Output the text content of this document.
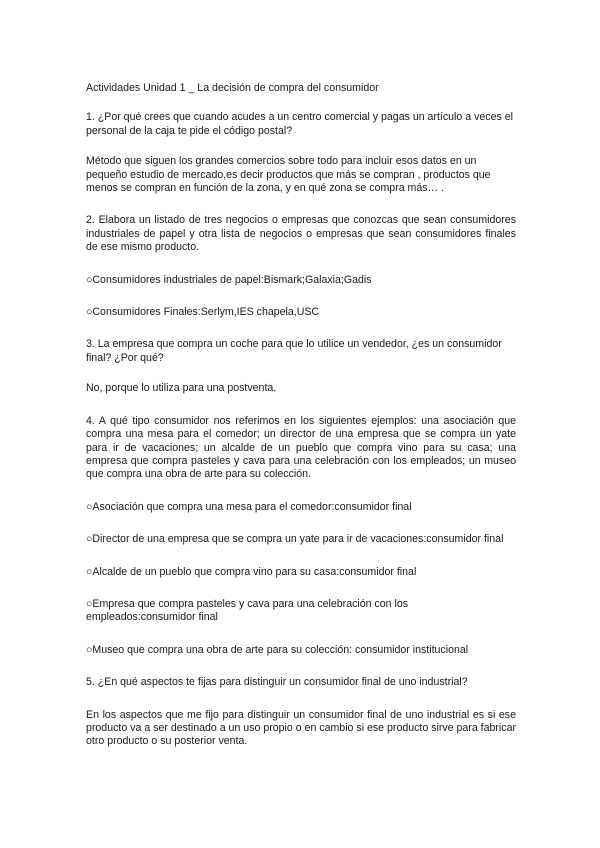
Actividades Unidad 1 _ La decisión de compra del consumidor

1. ¿Por qué crees que cuando acudes a un centro comercial y pagas un artículo a veces el personal de la caja te pide el código postal?

Método que siguen los grandes comercios sobre todo para incluir esos datos en un pequeño estudio de mercado,es decir productos que más se compran , productos que menos se compran en función de la zona, y en qué zona se compra más… .

2. Elabora un listado de tres negocios o empresas que conozcas que sean consumidores industriales de papel y otra lista de negocios o empresas que sean consumidores finales de ese mismo producto.

○Consumidores industriales de papel:Bismark;Galaxia;Gadis

○Consumidores Finales:Serlym,IES chapela,USC

3. La empresa que compra un coche para que lo utilice un vendedor, ¿es un consumidor final? ¿Por qué?

No, porque lo utiliza para una postventa.

4. A qué tipo consumidor nos referimos en los siguientes ejemplos: una asociación que compra una mesa para el comedor; un director de una empresa que se compra un yate para ir de vacaciones; un alcalde de un pueblo que compra vino para su casa; una empresa que compra pasteles y cava para una celebración con los empleados; un museo que compra una obra de arte para su colección.

○Asociación que compra una mesa para el comedor:consumidor final

○Director de una empresa que se compra un yate para ir de vacaciones:consumidor final

○Alcalde de un pueblo que compra vino para su casa:consumidor final

○Empresa que compra pasteles y cava para una celebración con los empleados:consumidor final

○Museo que compra una obra de arte para su colección: consumidor institucional

5. ¿En qué aspectos te fijas para distinguir un consumidor final de uno industrial?

En los aspectos que me fijo para distinguir un consumidor final de uno industrial es si ese producto va a ser destinado a un uso propio o en cambio si ese producto sirve para fabricar otro producto o su posterior venta.
